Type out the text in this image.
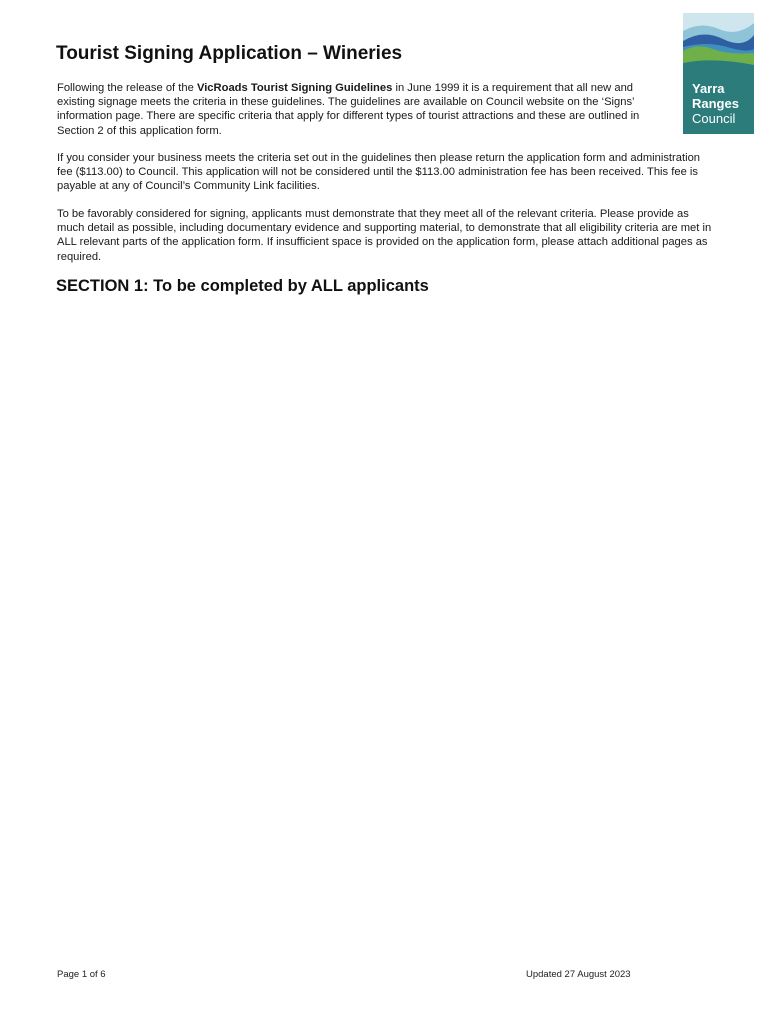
Tourist Signing Application – Wineries
Yarra
Ranges
Council

Following the release of the VicRoads Tourist Signing Guidelines in June 1999 it is a requirement that all new and existing signage meets the criteria in these guidelines. The guidelines are available on Council website on the ‘Signs’ information page. There are specific criteria that apply for different types of tourist attractions and these are outlined in Section 2 of this application form.

If you consider your business meets the criteria set out in the guidelines then please return the application form and administration fee ($113.00) to Council. This application will not be considered until the $113.00 administration fee has been received. This fee is payable at any of Council’s Community Link facilities.

To be favorably considered for signing, applicants must demonstrate that they meet all of the relevant criteria. Please provide as much detail as possible, including documentary evidence and supporting material, to demonstrate that all eligibility criteria are met in ALL relevant parts of the application form. If insufficient space is provided on the application form, please attach additional pages as required.

SECTION 1: To be completed by ALL applicants
Page 1 of 6	Updated 27 August 2023
